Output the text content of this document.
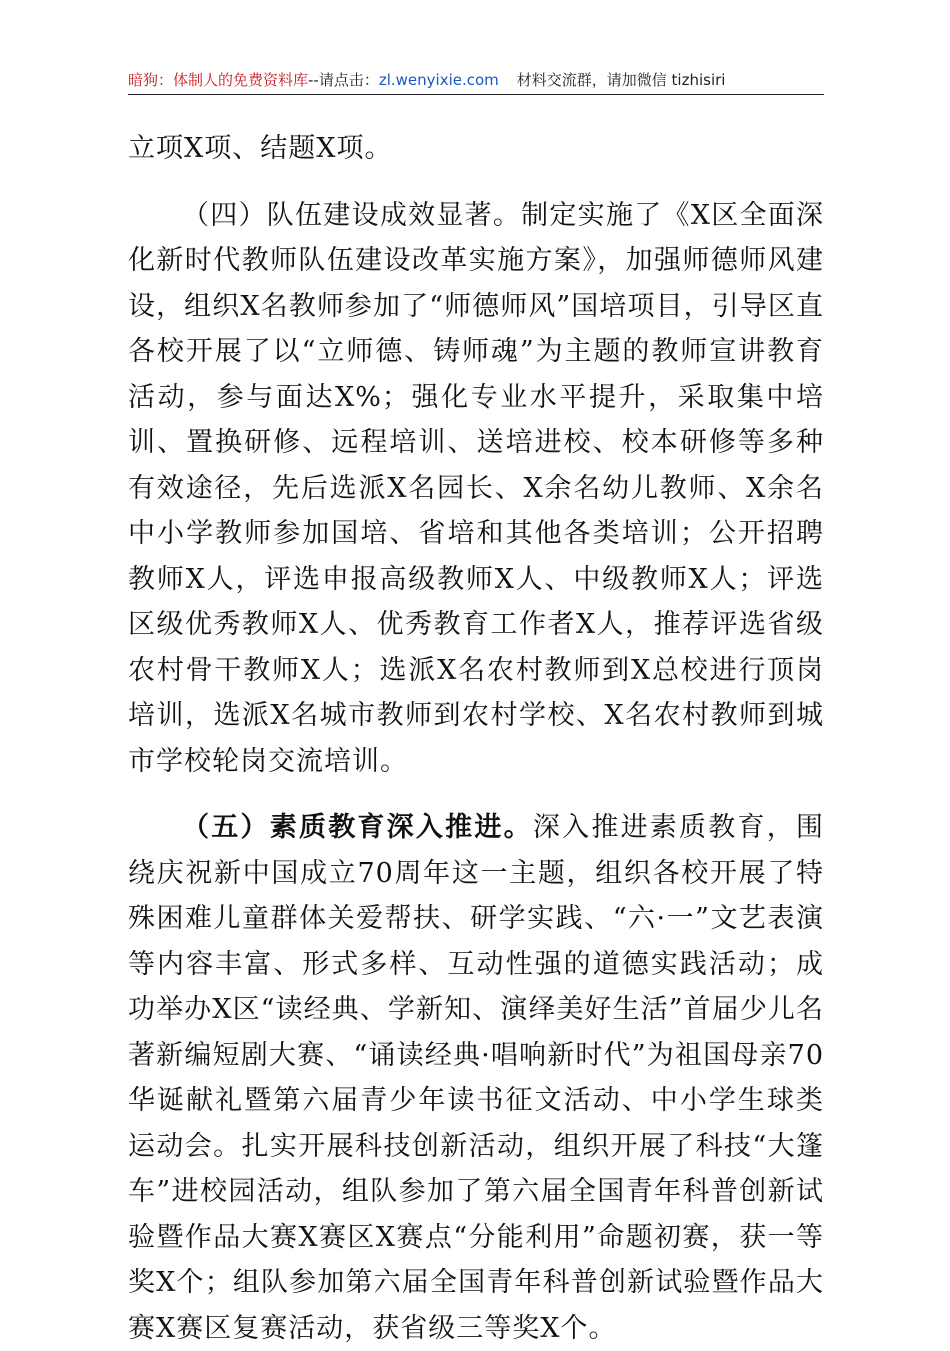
暗狗：体制人的免费资料库--请点击：zl.wenyixie.com 材料交流群，请加微信 tizhisiri

立项X项、结题X项。

（四）队伍建设成效显著。制定实施了《X区全面深化新时代教师队伍建设改革实施方案》，加强师德师风建设，组织X名教师参加了“师德师风”国培项目，引导区直各校开展了以“立师德、铸师魂”为主题的教师宣讲教育活动，参与面达X%；强化专业水平提升，采取集中培训、置换研修、远程培训、送培进校、校本研修等多种有效途径，先后选派X名园长、X余名幼儿教师、X余名中小学教师参加国培、省培和其他各类培训；公开招聘教师X人，评选申报高级教师X人、中级教师X人；评选区级优秀教师X人、优秀教育工作者X人，推荐评选省级农村骨干教师X人；选派X名农村教师到X总校进行顶岗培训，选派X名城市教师到农村学校、X名农村教师到城市学校轮岗交流培训。

（五）素质教育深入推进。深入推进素质教育，围绕庆祝新中国成立70周年这一主题，组织各校开展了特殊困难儿童群体关爱帮扶、研学实践、“六·一”文艺表演等内容丰富、形式多样、互动性强的道德实践活动；成功举办X区“读经典、学新知、演绎美好生活”首届少儿名著新编短剧大赛、“诵读经典·唱响新时代”为祖国母亲70华诞献礼暨第六届青少年读书征文活动、中小学生球类运动会。扎实开展科技创新活动，组织开展了科技“大篷车”进校园活动，组队参加了第六届全国青年科普创新试验暨作品大赛X赛区X赛点“分能利用”命题初赛，获一等奖X个；组队参加第六届全国青年科普创新试验暨作品大赛X赛区复赛活动，获省级三等奖X个。
